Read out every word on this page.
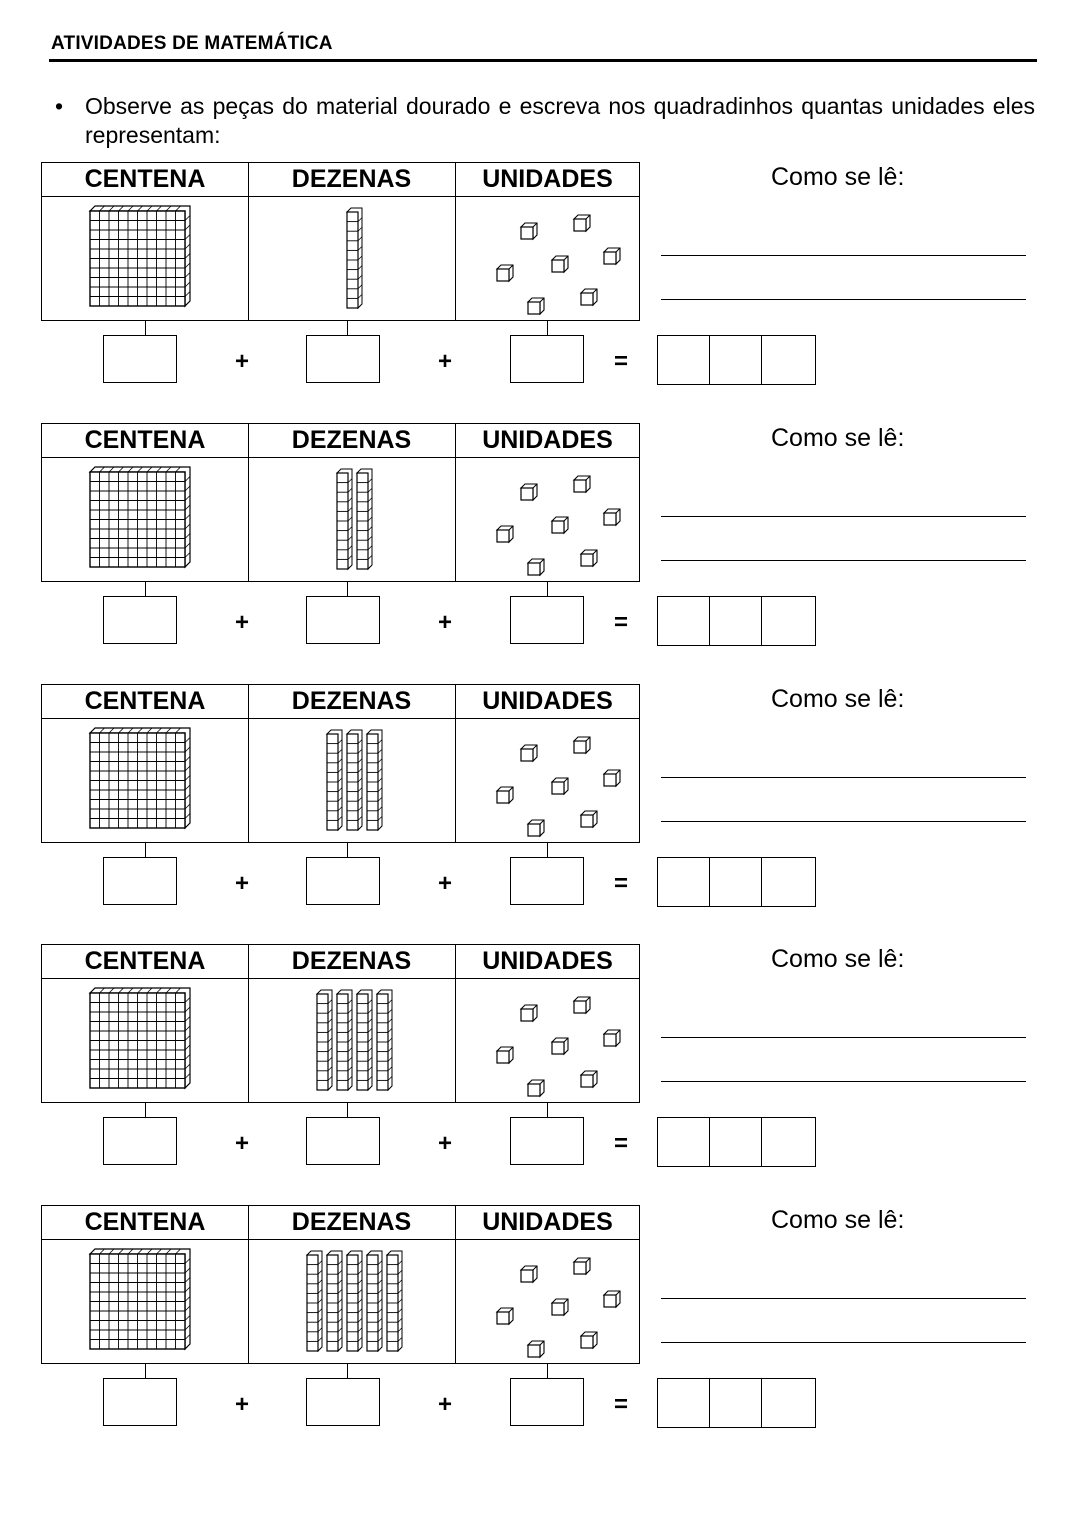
ATIVIDADES DE MATEMÁTICA
• Observe as peças do material dourado e escreva nos quadradinhos quantas unidades eles representam:
CENTENA	DEZENAS	UNIDADES
+	+	=
Como se lê:
CENTENA	DEZENAS	UNIDADES
+	+	=
Como se lê:
CENTENA	DEZENAS	UNIDADES
+	+	=
Como se lê:
CENTENA	DEZENAS	UNIDADES
+	+	=
Como se lê:
CENTENA	DEZENAS	UNIDADES
+	+	=
Como se lê:
